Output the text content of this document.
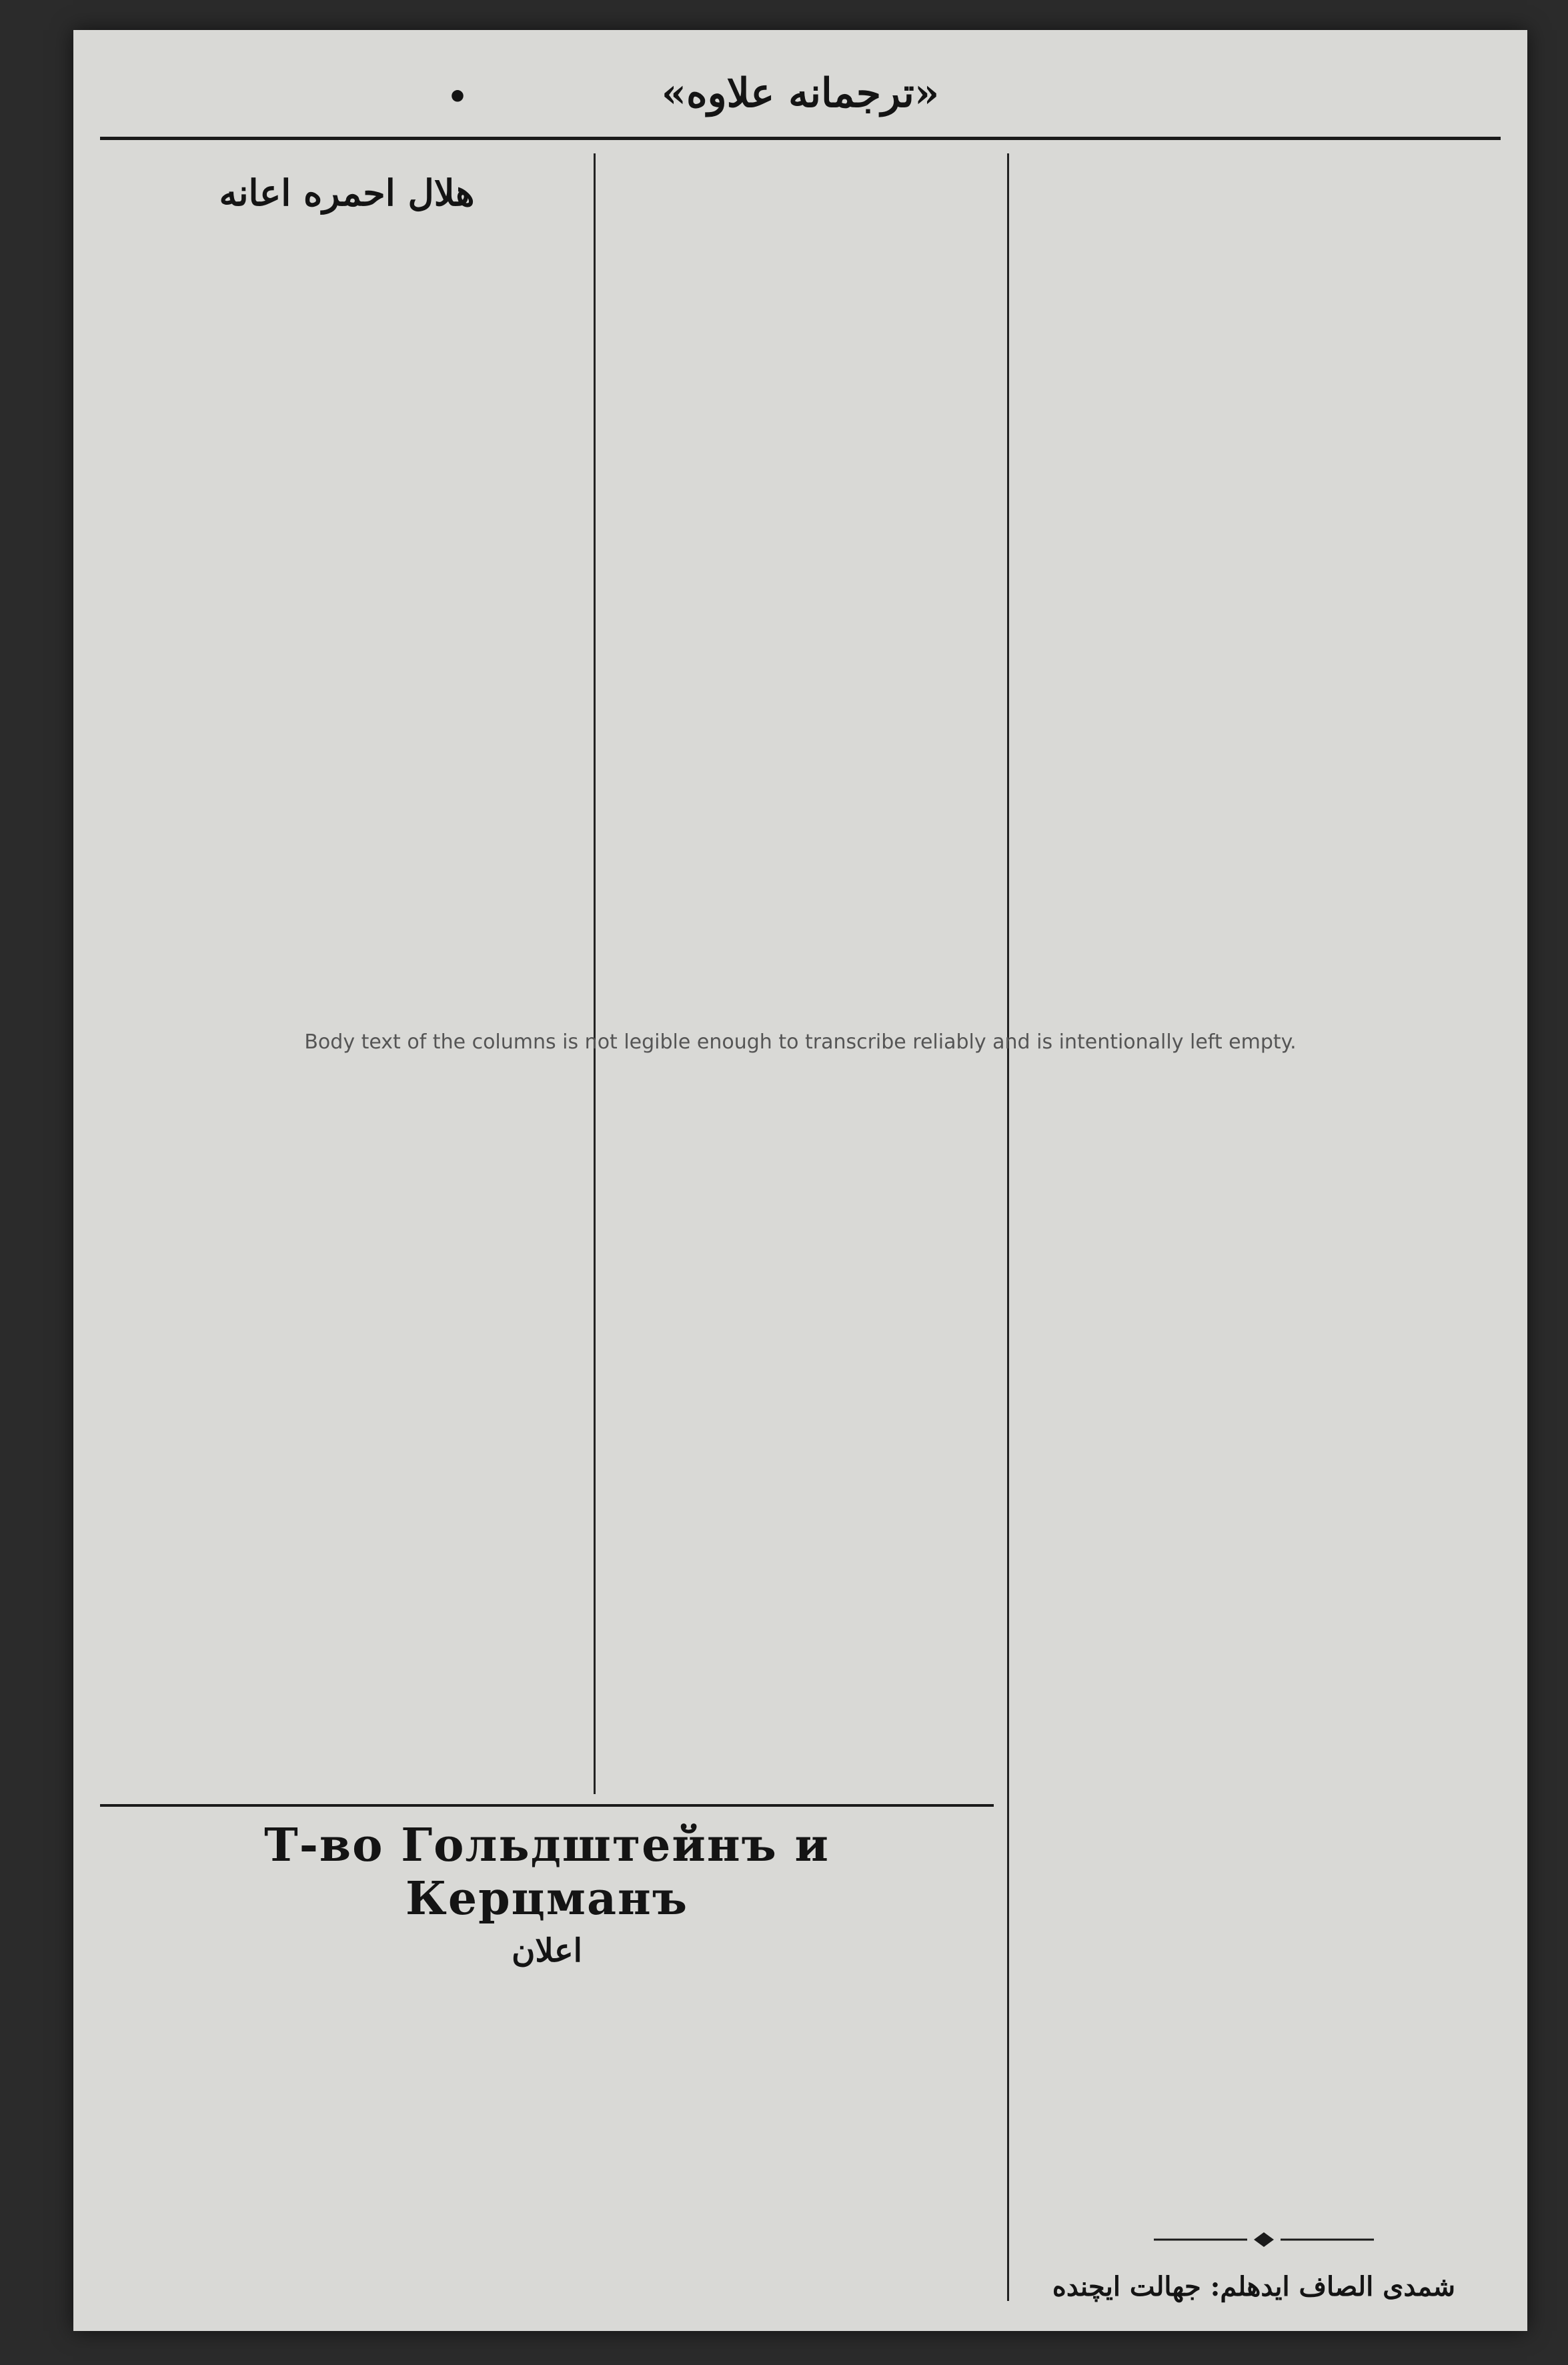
•	«ترجمانه علاوه»
هلال احمره اعانه
Т-во Гольдштейнъ и Керцманъ
اعلان
شمدی الصاف ایدهلم: جهالت ایچنده
Body text of the columns is not legible enough to transcribe reliably and is intentionally left empty.
